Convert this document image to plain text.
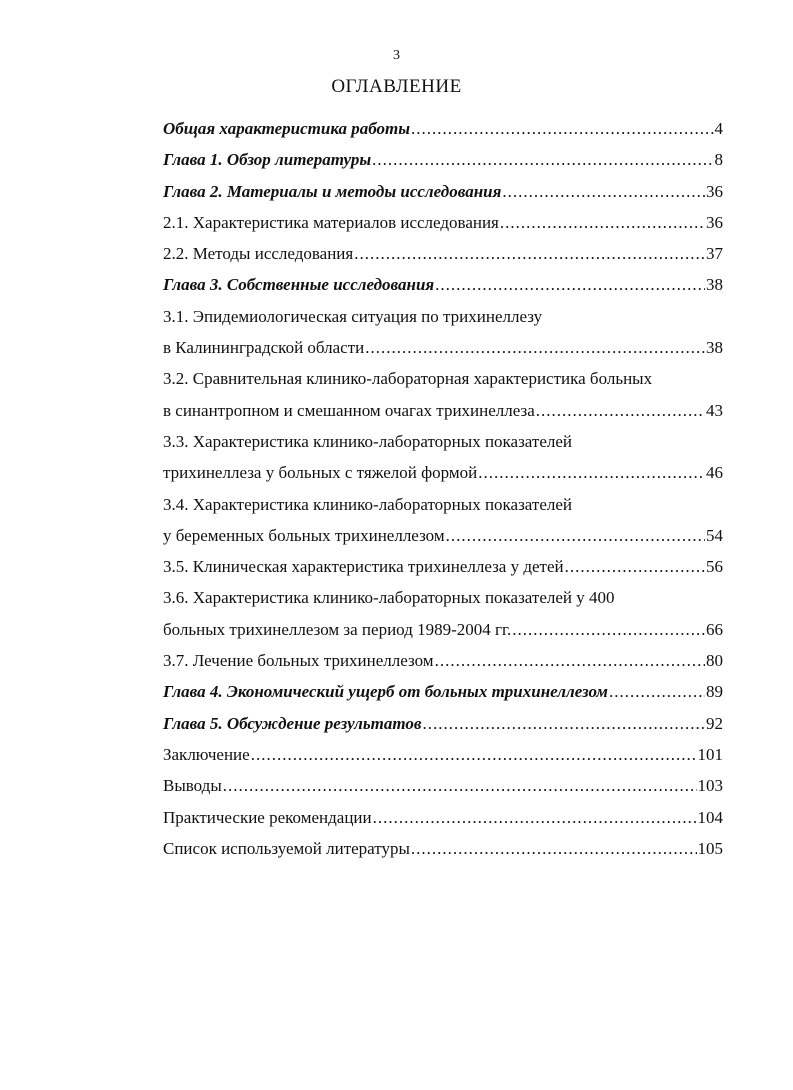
3
ОГЛАВЛЕНИЕ
Общая характеристика работы .....	4
Глава 1. Обзор литературы .....	8
Глава 2. Материалы и методы исследования .....	36
2.1. Характеристика материалов исследования .....	36
2.2. Методы исследования .....	37
Глава 3. Собственные исследования .....	38
3.1. Эпидемиологическая ситуация по трихинеллезу
в Калининградской области .....	38
3.2. Сравнительная клинико-лабораторная характеристика больных
в синантропном и смешанном очагах трихинеллеза .....	43
3.3. Характеристика клинико-лабораторных показателей
трихинеллеза у больных с тяжелой формой .....	46
3.4. Характеристика клинико-лабораторных показателей
у беременных больных трихинеллезом .....	54
3.5. Клиническая характеристика трихинеллеза у детей .....	56
3.6. Характеристика клинико-лабораторных показателей у 400
больных трихинеллезом за период 1989-2004 гг. .....	66
3.7. Лечение больных трихинеллезом .....	80
Глава 4. Экономический ущерб от больных трихинеллезом .....	89
Глава 5. Обсуждение результатов .....	92
Заключение .....	101
Выводы .....	103
Практические рекомендации .....	104
Список используемой литературы .....	105
